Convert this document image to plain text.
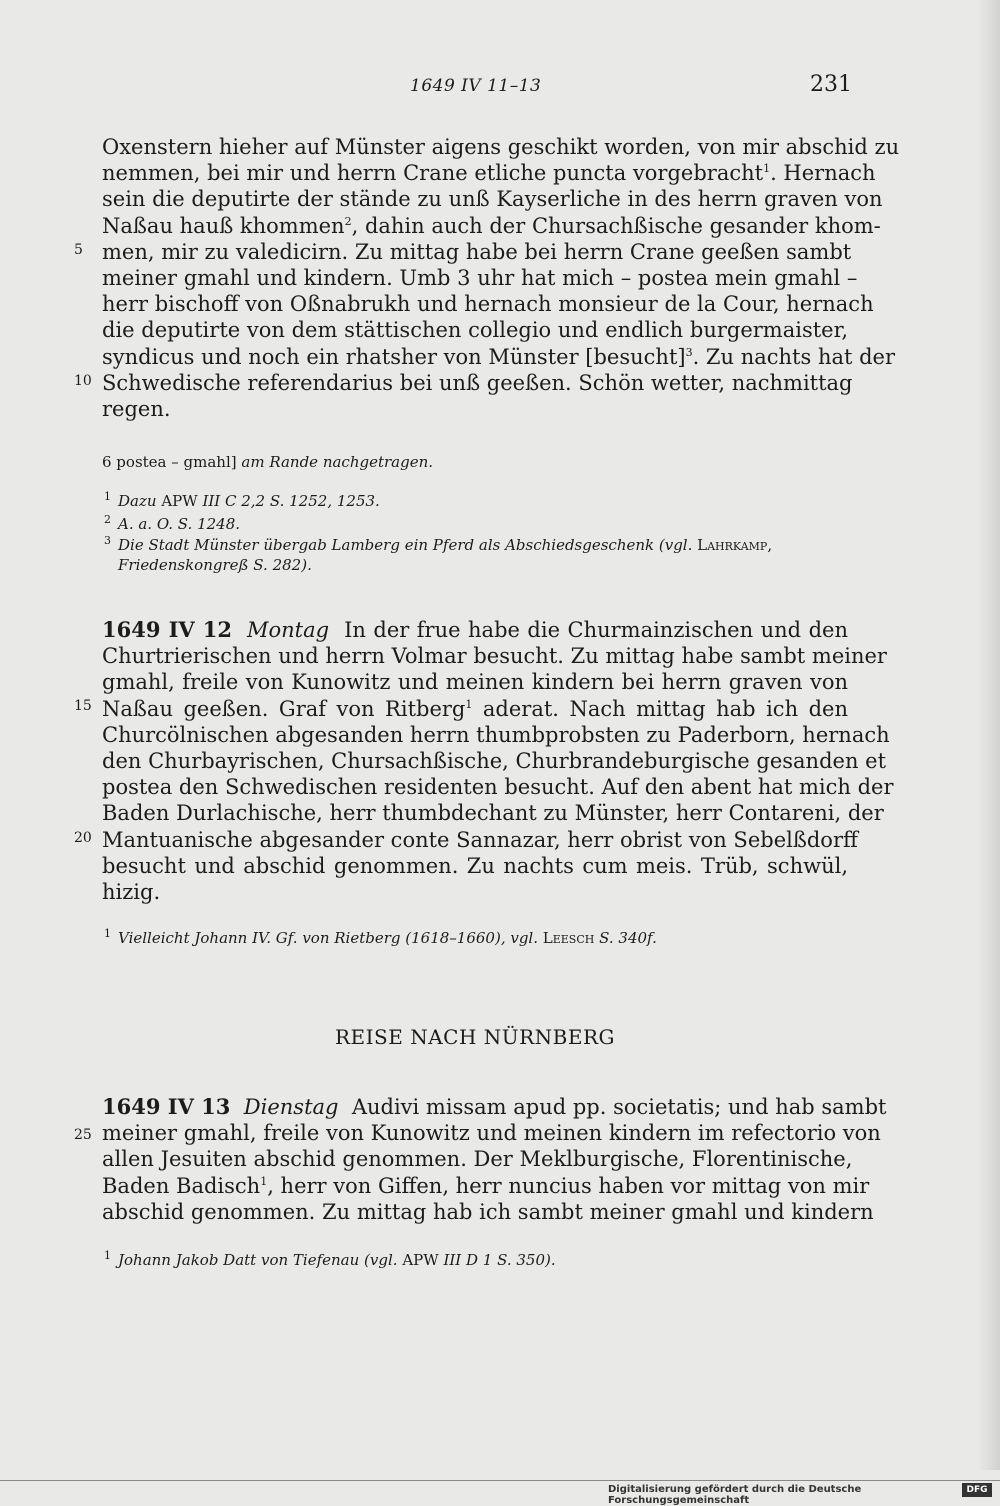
1649 IV 11–13	231
Oxenstern hieher auf Münster aigens geschikt worden, von mir abschid zu
nemmen, bei mir und herrn Crane etliche puncta vorgebracht$^1$. Hernach
sein die deputirte der stände zu unß Kayserliche in des herrn graven von
Naßau hauß khommen$^2$, dahin auch der Chursachßische gesander khom-
men, mir zu valedicirn. Zu mittag habe bei herrn Crane geeßen sambt
meiner gmahl und kindern. Umb 3 uhr hat mich – postea mein gmahl –
herr bischoff von Oßnabrukh und hernach monsieur de la Cour, hernach
die deputirte von dem stättischen collegio und endlich burgermaister,
syndicus und noch ein rhatsher von Münster [besucht]$^3$. Zu nachts hat der
Schwedische referendarius bei unß geeßen. Schön wetter, nachmittag
regen.
5
10
6 postea – gmahl] am Rande nachgetragen.
1 Dazu APW III C 2,2 S. 1252, 1253.
2 A. a. O. S. 1248.
3 Die Stadt Münster übergab Lamberg ein Pferd als Abschiedsgeschenk (vgl. Lahrkamp,
Friedenskongreß S. 282).
1649 IV 12 Montag In der frue habe die Churmainzischen und den
Churtrierischen und herrn Volmar besucht. Zu mittag habe sambt meiner
gmahl, freile von Kunowitz und meinen kindern bei herrn graven von
Naßau geeßen. Graf von Ritberg$^1$ aderat. Nach mittag hab ich den
Churcölnischen abgesanden herrn thumbprobsten zu Paderborn, hernach
den Churbayrischen, Chursachßische, Churbrandeburgische gesanden et
postea den Schwedischen residenten besucht. Auf den abent hat mich der
Baden Durlachische, herr thumbdechant zu Münster, herr Contareni, der
Mantuanische abgesander conte Sannazar, herr obrist von Sebelßdorff
besucht und abschid genommen. Zu nachts cum meis. Trüb, schwül,
hizig.
15
20
1 Vielleicht Johann IV. Gf. von Rietberg (1618–1660), vgl. Leesch S. 340f.
REISE NACH NÜRNBERG
1649 IV 13 Dienstag Audivi missam apud pp. societatis; und hab sambt
meiner gmahl, freile von Kunowitz und meinen kindern im refectorio von
allen Jesuiten abschid genommen. Der Meklburgische, Florentinische,
Baden Badisch$^1$, herr von Giffen, herr nuncius haben vor mittag von mir
abschid genommen. Zu mittag hab ich sambt meiner gmahl und kindern
25
1 Johann Jakob Datt von Tiefenau (vgl. APW III D 1 S. 350).
Digitalisierung gefördert durch die Deutsche Forschungsgemeinschaft
DFG
